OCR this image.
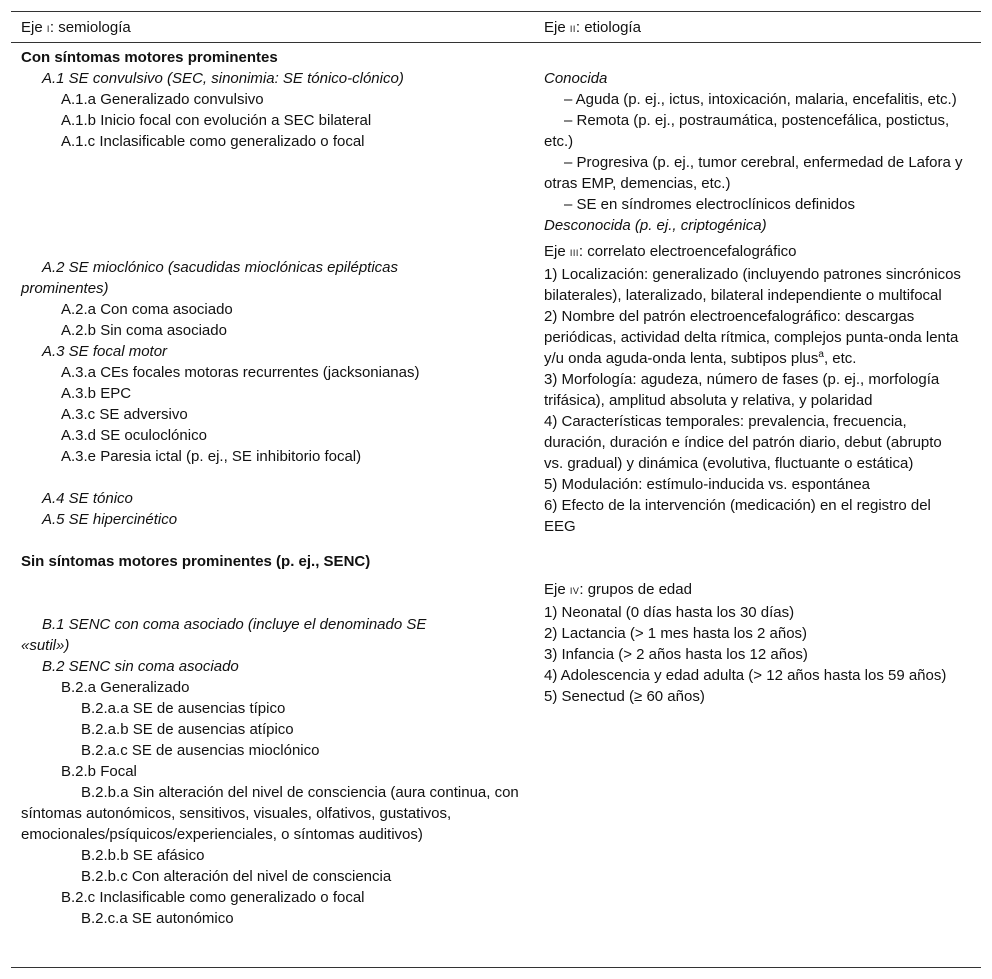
Eje I: semiología	Eje II: etiología
Con síntomas motores prominentes
A.1 SE convulsivo (SEC, sinonimia: SE tónico-clónico)
A.1.a Generalizado convulsivo
A.1.b Inicio focal con evolución a SEC bilateral
A.1.c Inclasificable como generalizado o focal
A.2 SE mioclónico (sacudidas mioclónicas epilépticas prominentes)
A.2.a Con coma asociado
A.2.b Sin coma asociado
A.3 SE focal motor
A.3.a CEs focales motoras recurrentes (jacksonianas)
A.3.b EPC
A.3.c SE adversivo
A.3.d SE oculoclónico
A.3.e Paresia ictal (p. ej., SE inhibitorio focal)
A.4 SE tónico
A.5 SE hipercinético
Sin síntomas motores prominentes (p. ej., SENC)
B.1 SENC con coma asociado (incluye el denominado SE «sutil»)
B.2 SENC sin coma asociado
B.2.a Generalizado
B.2.a.a SE de ausencias típico
B.2.a.b SE de ausencias atípico
B.2.a.c SE de ausencias mioclónico
B.2.b Focal
B.2.b.a Sin alteración del nivel de consciencia (aura continua, con síntomas autonómicos, sensitivos, visuales, olfativos, gustativos, emocionales/psíquicos/experienciales, o síntomas auditivos)
B.2.b.b SE afásico
B.2.b.c Con alteración del nivel de consciencia
B.2.c Inclasificable como generalizado o focal
B.2.c.a SE autonómico
Conocida
– Aguda (p. ej., ictus, intoxicación, malaria, encefalitis, etc.)
– Remota (p. ej., postraumática, postencefálica, postictus, etc.)
– Progresiva (p. ej., tumor cerebral, enfermedad de Lafora y otras EMP, demencias, etc.)
– SE en síndromes electroclínicos definidos
Desconocida (p. ej., criptogénica)
Eje III: correlato electroencefalográfico
1) Localización: generalizado (incluyendo patrones sincrónicos bilaterales), lateralizado, bilateral independiente o multifocal
2) Nombre del patrón electroencefalográfico: descargas periódicas, actividad delta rítmica, complejos punta-onda lenta y/u onda aguda-onda lenta, subtipos plus$^a$, etc.
3) Morfología: agudeza, número de fases (p. ej., morfología trifásica), amplitud absoluta y relativa, y polaridad
4) Características temporales: prevalencia, frecuencia, duración, duración e índice del patrón diario, debut (abrupto vs. gradual) y dinámica (evolutiva, fluctuante o estática)
5) Modulación: estímulo-inducida vs. espontánea
6) Efecto de la intervención (medicación) en el registro del EEG
Eje IV: grupos de edad
1) Neonatal (0 días hasta los 30 días)
2) Lactancia (> 1 mes hasta los 2 años)
3) Infancia (> 2 años hasta los 12 años)
4) Adolescencia y edad adulta (> 12 años hasta los 59 años)
5) Senectud (≥ 60 años)
